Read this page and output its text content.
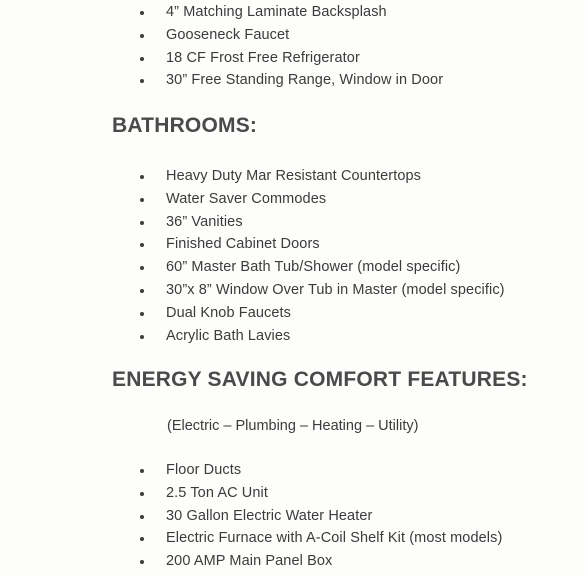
4” Matching Laminate Backsplash
Gooseneck Faucet
18 CF Frost Free Refrigerator
30” Free Standing Range, Window in Door
BATHROOMS:
Heavy Duty Mar Resistant Countertops
Water Saver Commodes
36” Vanities
Finished Cabinet Doors
60” Master Bath Tub/Shower (model specific)
30”x 8” Window Over Tub in Master (model specific)
Dual Knob Faucets
Acrylic Bath Lavies
ENERGY SAVING COMFORT FEATURES:
(Electric – Plumbing – Heating – Utility)
Floor Ducts
2.5 Ton AC Unit
30 Gallon Electric Water Heater
Electric Furnace with A-Coil Shelf Kit (most models)
200 AMP Main Panel Box
